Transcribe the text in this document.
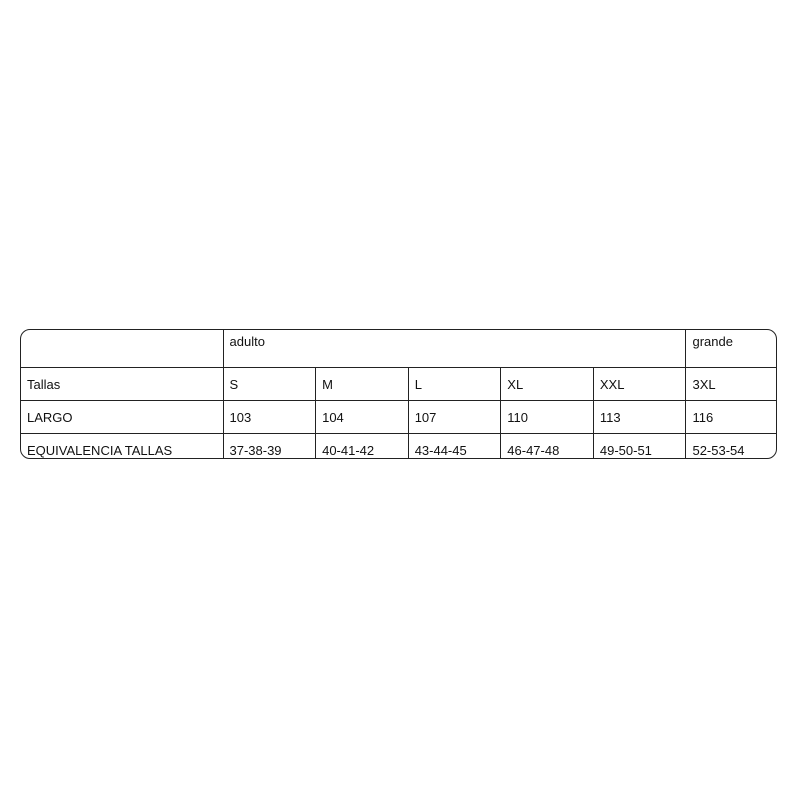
	adulto					grande
Tallas	S	M	L	XL	XXL	3XL
LARGO	103	104	107	110	113	116
EQUIVALENCIA TALLAS	37-38-39	40-41-42	43-44-45	46-47-48	49-50-51	52-53-54
